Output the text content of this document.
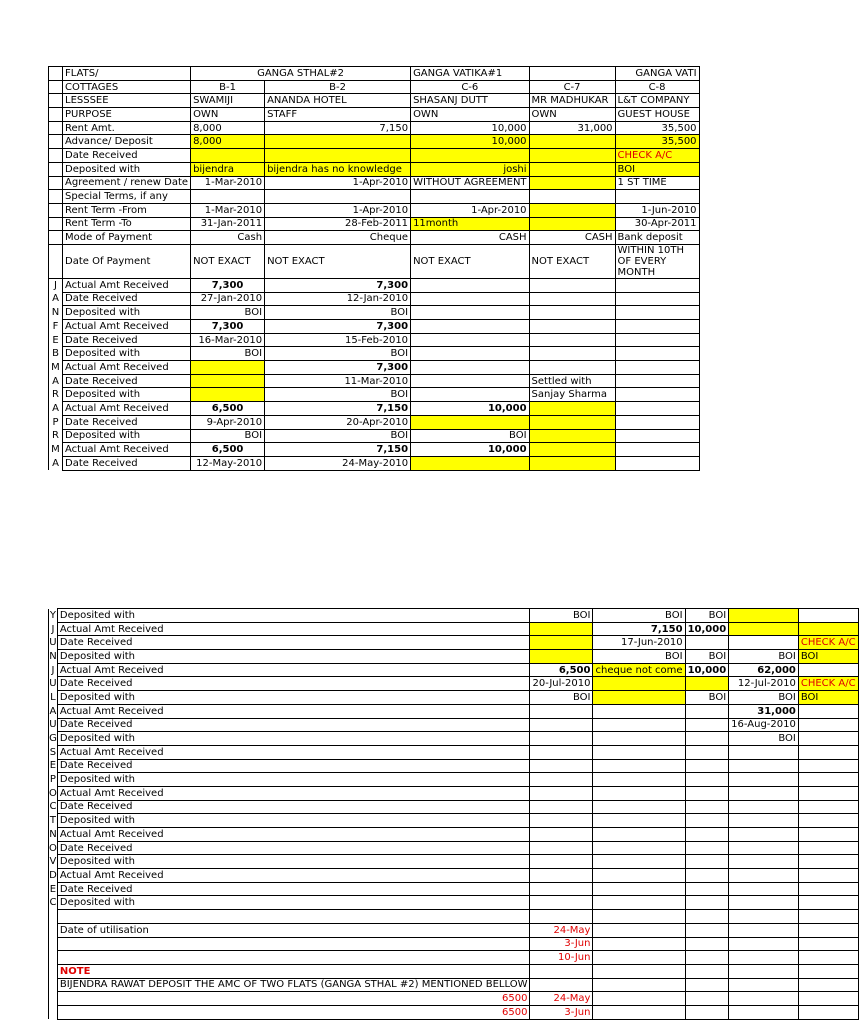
	FLATS/	GANGA STHAL#2		GANGA VATIKA#1		GANGA VATI
	COTTAGES	B-1	B-2	C-6	C-7	C-8
	LESSSEE	SWAMIJI	ANANDA HOTEL	SHASANJ DUTT	MR MADHUKAR	L&T COMPANY
	PURPOSE	OWN	STAFF	OWN	OWN	GUEST HOUSE
	Rent Amt.	8,000	7,150	10,000	31,000	35,500
	Advance/ Deposit	8,000		10,000		35,500
	Date Received					CHECK A/C
	Deposited with	bijendra	bijendra has no knowledge	joshi		BOI
	Agreement / renew Date	1-Mar-2010	1-Apr-2010	WITHOUT AGREEMENT		1 ST TIME
	Special Terms, if any					
	Rent Term -From	1-Mar-2010	1-Apr-2010	1-Apr-2010		1-Jun-2010
	Rent Term -To	31-Jan-2011	28-Feb-2011	11month		30-Apr-2011
	Mode of Payment	Cash	Cheque	CASH	CASH	Bank deposit
	Date Of Payment	NOT EXACT	NOT EXACT	NOT EXACT	NOT EXACT	WITHIN 10TH OF EVERY MONTH
J	Actual Amt Received	7,300	7,300			
A	Date Received	27-Jan-2010	12-Jan-2010			
N	Deposited with	BOI	BOI			
F	Actual Amt Received	7,300	7,300			
E	Date Received	16-Mar-2010	15-Feb-2010			
B	Deposited with	BOI	BOI			
M	Actual Amt Received		7,300			
A	Date Received		11-Mar-2010		Settled with	
R	Deposited with		BOI		Sanjay Sharma	
A	Actual Amt Received	6,500	7,150	10,000		
P	Date Received	9-Apr-2010	20-Apr-2010			
R	Deposited with	BOI	BOI	BOI		
M	Actual Amt Received	6,500	7,150	10,000		
A	Date Received	12-May-2010	24-May-2010			
Y	Deposited with	BOI	BOI	BOI		
J	Actual Amt Received		7,150	10,000		
U	Date Received		17-Jun-2010			CHECK A/C
N	Deposited with		BOI	BOI	BOI	BOI
J	Actual Amt Received	6,500	cheque not come	10,000	62,000	
U	Date Received	20-Jul-2010			12-Jul-2010	CHECK A/C
L	Deposited with	BOI		BOI	BOI	BOI
A	Actual Amt Received				31,000	
U	Date Received				16-Aug-2010	
G	Deposited with				BOI	
S	Actual Amt Received					
E	Date Received					
P	Deposited with					
O	Actual Amt Received					
C	Date Received					
T	Deposited with					
N	Actual Amt Received					
O	Date Received					
V	Deposited with					
D	Actual Amt Received					
E	Date Received					
C	Deposited with					

	Date of utilisation	24-May				
		3-Jun				
		10-Jun				
	NOTE					
	BIJENDRA RAWAT DEPOSIT THE AMC OF TWO FLATS (GANGA STHAL #2) MENTIONED BELLOW					
	6500	24-May				
	6500	3-Jun				
